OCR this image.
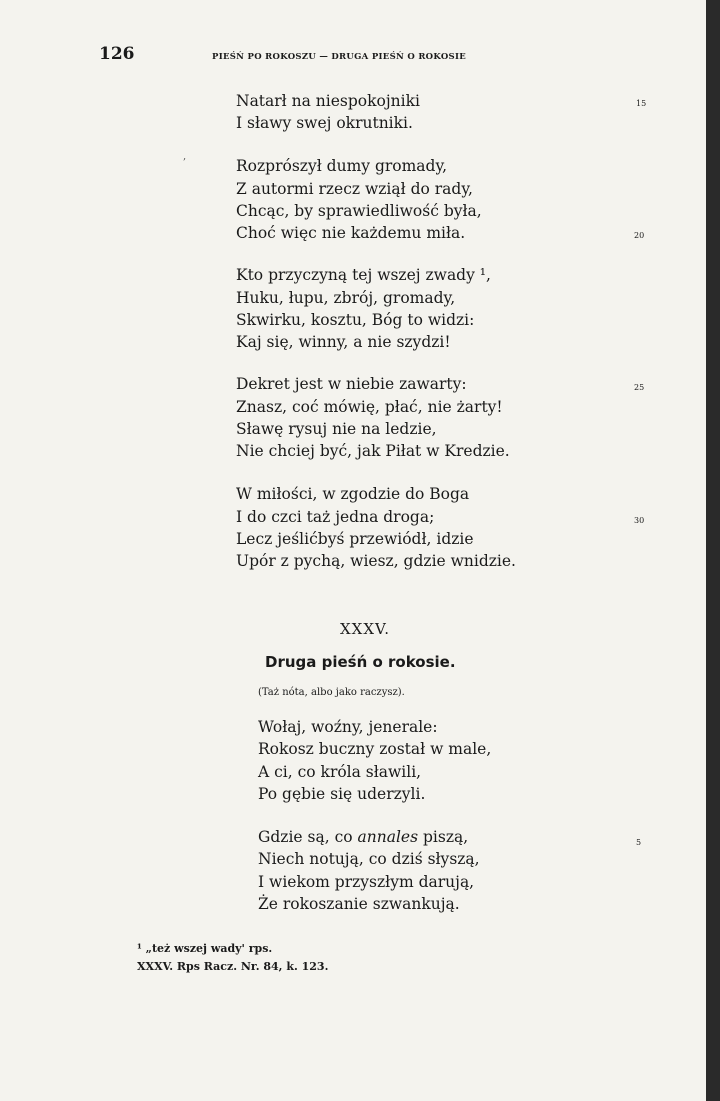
126	PIEŚŃ PO ROKOSZU — DRUGA PIEŚŃ O ROKOSIE
,
Natarł na niespokojniki
I sławy swej okrutniki.
15
Rozprószył dumy gromady,
Z autormi rzecz wziął do rady,
Chcąc, by sprawiedliwość była,
Choć więc nie każdemu miła.	20
Kto przyczyną tej wszej zwady ¹,
Huku, łupu, zbrój, gromady,
Skwirku, kosztu, Bóg to widzi:
Kaj się, winny, a nie szydzi!
Dekret jest w niebie zawarty:
Znasz, coć mówię, płać, nie żarty!
Sławę rysuj nie na ledzie,
Nie chciej być, jak Piłat w Kredzie.
25
W miłości, w zgodzie do Boga
I do czci taż jedna droga;
Lecz jeślićbyś przewiódł, idzie
Upór z pychą, wiesz, gdzie wnidzie.
30
XXXV.
Druga pieśń o rokosie.
(Taż nóta, albo jako raczysz).
Wołaj, woźny, jenerale:
Rokosz buczny został w male,
A ci, co króla sławili,
Po gębie się uderzyli.
Gdzie są, co annales piszą,
Niech notują, co dziś słyszą,
I wiekom przyszłym darują,
Że rokoszanie szwankują.
5
¹ „też wszej wady' rps.
XXXV. Rps Racz. Nr. 84, k. 123.
